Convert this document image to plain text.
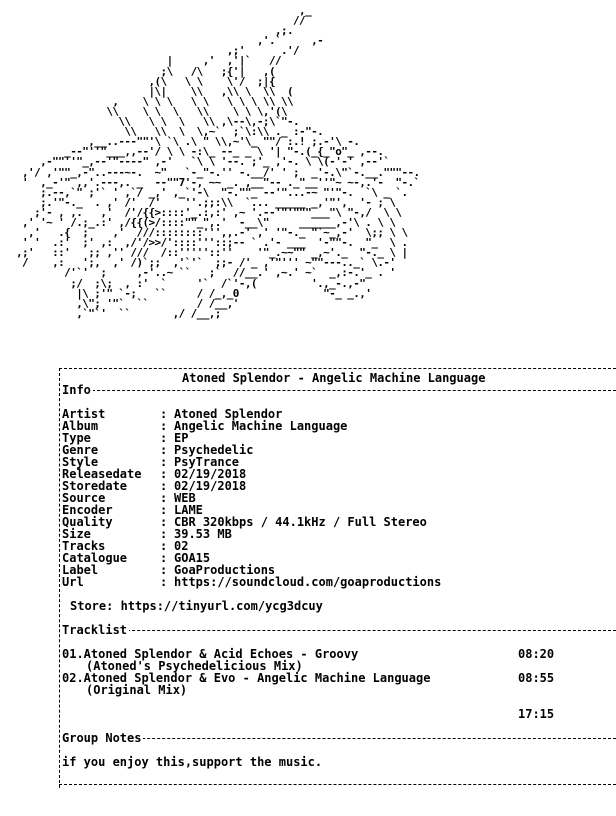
,_
//
,;.
,'.`     ,-
,;'      .'/
|     ,'  ,'|`   //
;\   /\   ;{'|   ,(
,(\   \ \    \'/  ;|{
|\|    \\   ,\\ \  \\  (
,    \ \ \   \ \   \ \ \ \\ \\
\\    \ \  \   \\    \ \ \,'(\
\\   \ \  \   \\ ,\--\,-;\`"-.
\\   \\  \  \,~`  ;`\:\\ ._ :-"-.
,__..---""'\ `\ .\ " \\,~'\_ ""/ :.! ;.-'\ -.
_--"''"___,,--'/ \ \ -:\_ --_ _ \ '| "-.(_{_"o"_ ,--.
,-""''"_,--'"----" ,-'   `\ \ '--. ;'_ ,'-. \ \(-'-' ,--'`
,'/ ,'""_,-"..---~-.  ~"   `-_"-.'' -.__/' ' ;  _'-.\"`-.__."""--.
'  ,_-'" ,,'.---,. _  --""7'-, ~~ _. ,__"-- ._"__''"~ ~-,.'-  "-.`
;.--,`" ;'` ' ,`/ _,' ,_`'-\  "-.""_ --'"...-~ "'"-.  `\ _ `.
;.'"-._  . ,' /'  /'    ''.;;:\\  `... _____ _,'"',  '- ; \
;'- , ,.   ,'  /'/{{>::::'_.:,:' ,~ '.--'"'"""___"\ "-,/  \ \
,' '~ ' /.;_.:' ,/{{(>/::::""_",.'  -__\"     ______,-'\ . \ \
,'   .{  ;    ,'  ///::::::::''',,.-' ,' '"-._ "`~_,-'  \;; \ \
' '  .:'  ;' ,:  ,/'/>>/'::::'''::;-- ` .'- ___  '-""-.  "_  \ .
,;'   ::'   ;; ,'' ///  /::'''''::''    '"_.~~"" _,~'._  "-._ \ |
/    ,:   ';,  ,' /)`;;  ,'`'`  ;;- /'_ ,'"''' ~""---.._` \.-'
/'`'  ;     ,-'..~ ``   ;`  //__.' ,~.' ~`  _,:-.'_ . '
;/  ;\;  , :'  `     '`  /`'-,(         '.,_-.,-"
|\ ;'" `-;   ``     / /_,_0              "-_ _.,'
,\"; '"`  ``        / /__,'
,`"`'  ``       ,/ /__,;

Atoned Splendor - Angelic Machine Language
Info
Artist	: Atoned Splendor
Album	: Angelic Machine Language
Type	: EP
Genre	: Psychedelic
Style	: PsyTrance
Releasedate : 02/19/2018
Storedate	: 02/19/2018
Source	: WEB
Encoder	: LAME
Quality	: CBR 320kbps / 44.1kHz / Full Stereo
Size	: 39.53 MB
Tracks	: 02
Catalogue	: GOA15
Label	: GoaProductions
Url	: https://soundcloud.com/goaproductions
Store: https://tinyurl.com/ycg3dcuy
Tracklist
01.Atoned Splendor & Acid Echoes - Groovy	08:20
(Atoned's Psychedelicious Mix)
02.Atoned Splendor & Evo - Angelic Machine Language	08:55
(Original Mix)
17:15
Group Notes
if you enjoy this,support the music.
